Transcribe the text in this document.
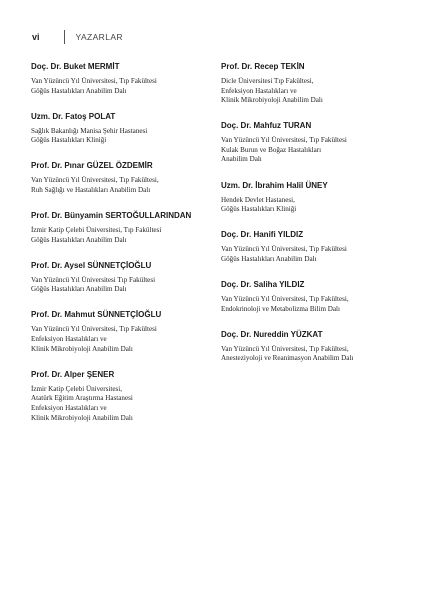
vi	YAZARLAR
Doç. Dr. Buket MERMİT
Van Yüzüncü Yıl Üniversitesi, Tıp Fakültesi
Göğüs Hastalıkları Anabilim Dalı
Uzm. Dr. Fatoş POLAT
Sağlık Bakanlığı Manisa Şehir Hastanesi
Göğüs Hastalıkları Kliniği
Prof. Dr. Pınar GÜZEL ÖZDEMİR
Van Yüzüncü Yıl Üniversitesi, Tıp Fakültesi,
Ruh Sağlığı ve Hastalıkları Anabilim Dalı
Prof. Dr. Bünyamin SERTOĞULLARINDAN
İzmir Katip Çelebi Üniversitesi, Tıp Fakültesi
Göğüs Hastalıkları Anabilim Dalı
Prof. Dr. Aysel SÜNNETÇİOĞLU
Van Yüzüncü Yıl Üniversitesi Tıp Fakültesi
Göğüs Hastalıkları Anabilim Dalı
Prof. Dr. Mahmut SÜNNETÇİOĞLU
Van Yüzüncü Yıl Üniversitesi, Tıp Fakültesi
Enfeksiyon Hastalıkları ve
Klinik Mikrobiyoloji Anabilim Dalı
Prof. Dr. Alper ŞENER
İzmir Katip Çelebi Üniversitesi,
Atatürk Eğitim Araştırma Hastanesi
Enfeksiyon Hastalıkları ve
Klinik Mikrobiyoloji Anabilim Dalı
Prof. Dr. Recep TEKİN
Dicle Üniversitesi Tıp Fakültesi,
Enfeksiyon Hastalıkları ve
Klinik Mikrobiyoloji Anabilim Dalı
Doç. Dr. Mahfuz TURAN
Van Yüzüncü Yıl Üniversitesi, Tıp Fakültesi
Kulak Burun ve Boğaz Hastalıkları
Anabilim Dalı
Uzm. Dr. İbrahim Halil ÜNEY
Hendek Devlet Hastanesi,
Göğüs Hastalıkları Kliniği
Doç. Dr. Hanifi YILDIZ
Van Yüzüncü Yıl Üniversitesi, Tıp Fakültesi
Göğüs Hastalıkları Anabilim Dalı
Doç. Dr. Saliha YILDIZ
Van Yüzüncü Yıl Üniversitesi, Tıp Fakültesi,
Endokrinoloji ve Metabolizma Bilim Dalı
Doç. Dr. Nureddin YÜZKAT
Van Yüzüncü Yıl Üniversitesi, Tıp Fakültesi,
Anesteziyoloji ve Reanimasyon Anabilim Dalı
